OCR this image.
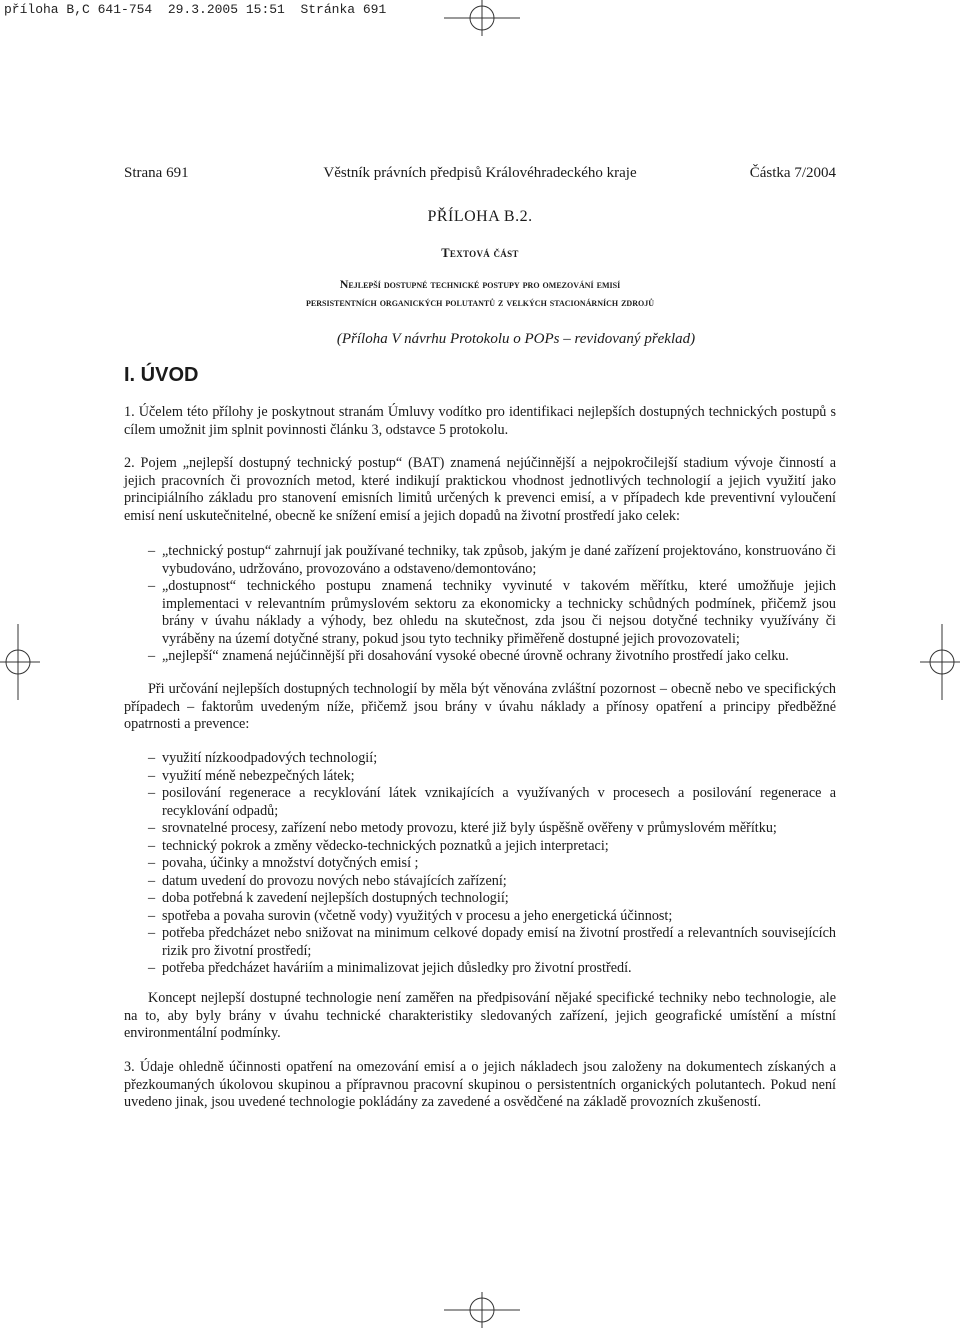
příloha B,C 641-754  29.3.2005 15:51  Stránka 691
Strana 691	Věstník právních předpisů Královéhradeckého kraje	Částka 7/2004
PŘÍLOHA B.2.
Textová část
Nejlepší dostupné technické postupy pro omezování emisí
persistentních organických polutantů z velkých stacionárních zdrojů
(Příloha V návrhu Protokolu o POPs – revidovaný překlad)
I. ÚVOD

1. Účelem této přílohy je poskytnout stranám Úmluvy vodítko pro identifikaci nejlepších dostupných technických postupů s cílem umožnit jim splnit povinnosti článku 3, odstavce 5 protokolu.

2. Pojem „nejlepší dostupný technický postup“ (BAT) znamená nejúčinnější a nejpokročilejší stadium vývoje činností a jejich pracovních či provozních metod, které indikují praktickou vhodnost jednotlivých technologií a jejich využití jako principiálního základu pro stanovení emisních limitů určených k prevenci emisí, a v případech kde preventivní vyloučení emisí není uskutečnitelné, obecně ke snížení emisí a jejich dopadů na životní prostředí jako celek:

– „technický postup“ zahrnují jak používané techniky, tak způsob, jakým je dané zařízení projektováno, konstruováno či vybudováno, udržováno, provozováno a odstaveno/demontováno;
– „dostupnost“ technického postupu znamená techniky vyvinuté v takovém měřítku, které umožňuje jejich implementaci v relevantním průmyslovém sektoru za ekonomicky a technicky schůdných podmínek, přičemž jsou brány v úvahu náklady a výhody, bez ohledu na skutečnost, zda jsou či nejsou dotyčné techniky využívány či vyráběny na území dotyčné strany, pokud jsou tyto techniky přiměřeně dostupné jejich provozovateli;
– „nejlepší“ znamená nejúčinnější při dosahování vysoké obecné úrovně ochrany životního prostředí jako celku.

Při určování nejlepších dostupných technologií by měla být věnována zvláštní pozornost – obecně nebo ve specifických případech – faktorům uvedeným níže, přičemž jsou brány v úvahu náklady a přínosy opatření a principy předběžné opatrnosti a prevence:

– využití nízkoodpadových technologií;
– využití méně nebezpečných látek;
– posilování regenerace a recyklování látek vznikajících a využívaných v procesech a posilování regenerace a recyklování odpadů;
– srovnatelné procesy, zařízení nebo metody provozu, které již byly úspěšně ověřeny v průmyslovém měřítku;
– technický pokrok a změny vědecko-technických poznatků a jejich interpretaci;
– povaha, účinky a množství dotyčných emisí ;
– datum uvedení do provozu nových nebo stávajících zařízení;
– doba potřebná k zavedení nejlepších dostupných technologií;
– spotřeba a povaha surovin (včetně vody) využitých v procesu a jeho energetická účinnost;
– potřeba předcházet nebo snižovat na minimum celkové dopady emisí na životní prostředí a relevantních souvisejících rizik pro životní prostředí;
– potřeba předcházet haváriím a minimalizovat jejich důsledky pro životní prostředí.

Koncept nejlepší dostupné technologie není zaměřen na předpisování nějaké specifické techniky nebo technologie, ale na to, aby byly brány v úvahu technické charakteristiky sledovaných zařízení, jejich geografické umístění a místní environmentální podmínky.

3. Údaje ohledně účinnosti opatření na omezování emisí a o jejich nákladech jsou založeny na dokumentech získaných a přezkoumaných úkolovou skupinou a přípravnou pracovní skupinou o persistentních organických polutantech. Pokud není uvedeno jinak, jsou uvedené technologie pokládány za zavedené a osvědčené na základě provozních zkušeností.
